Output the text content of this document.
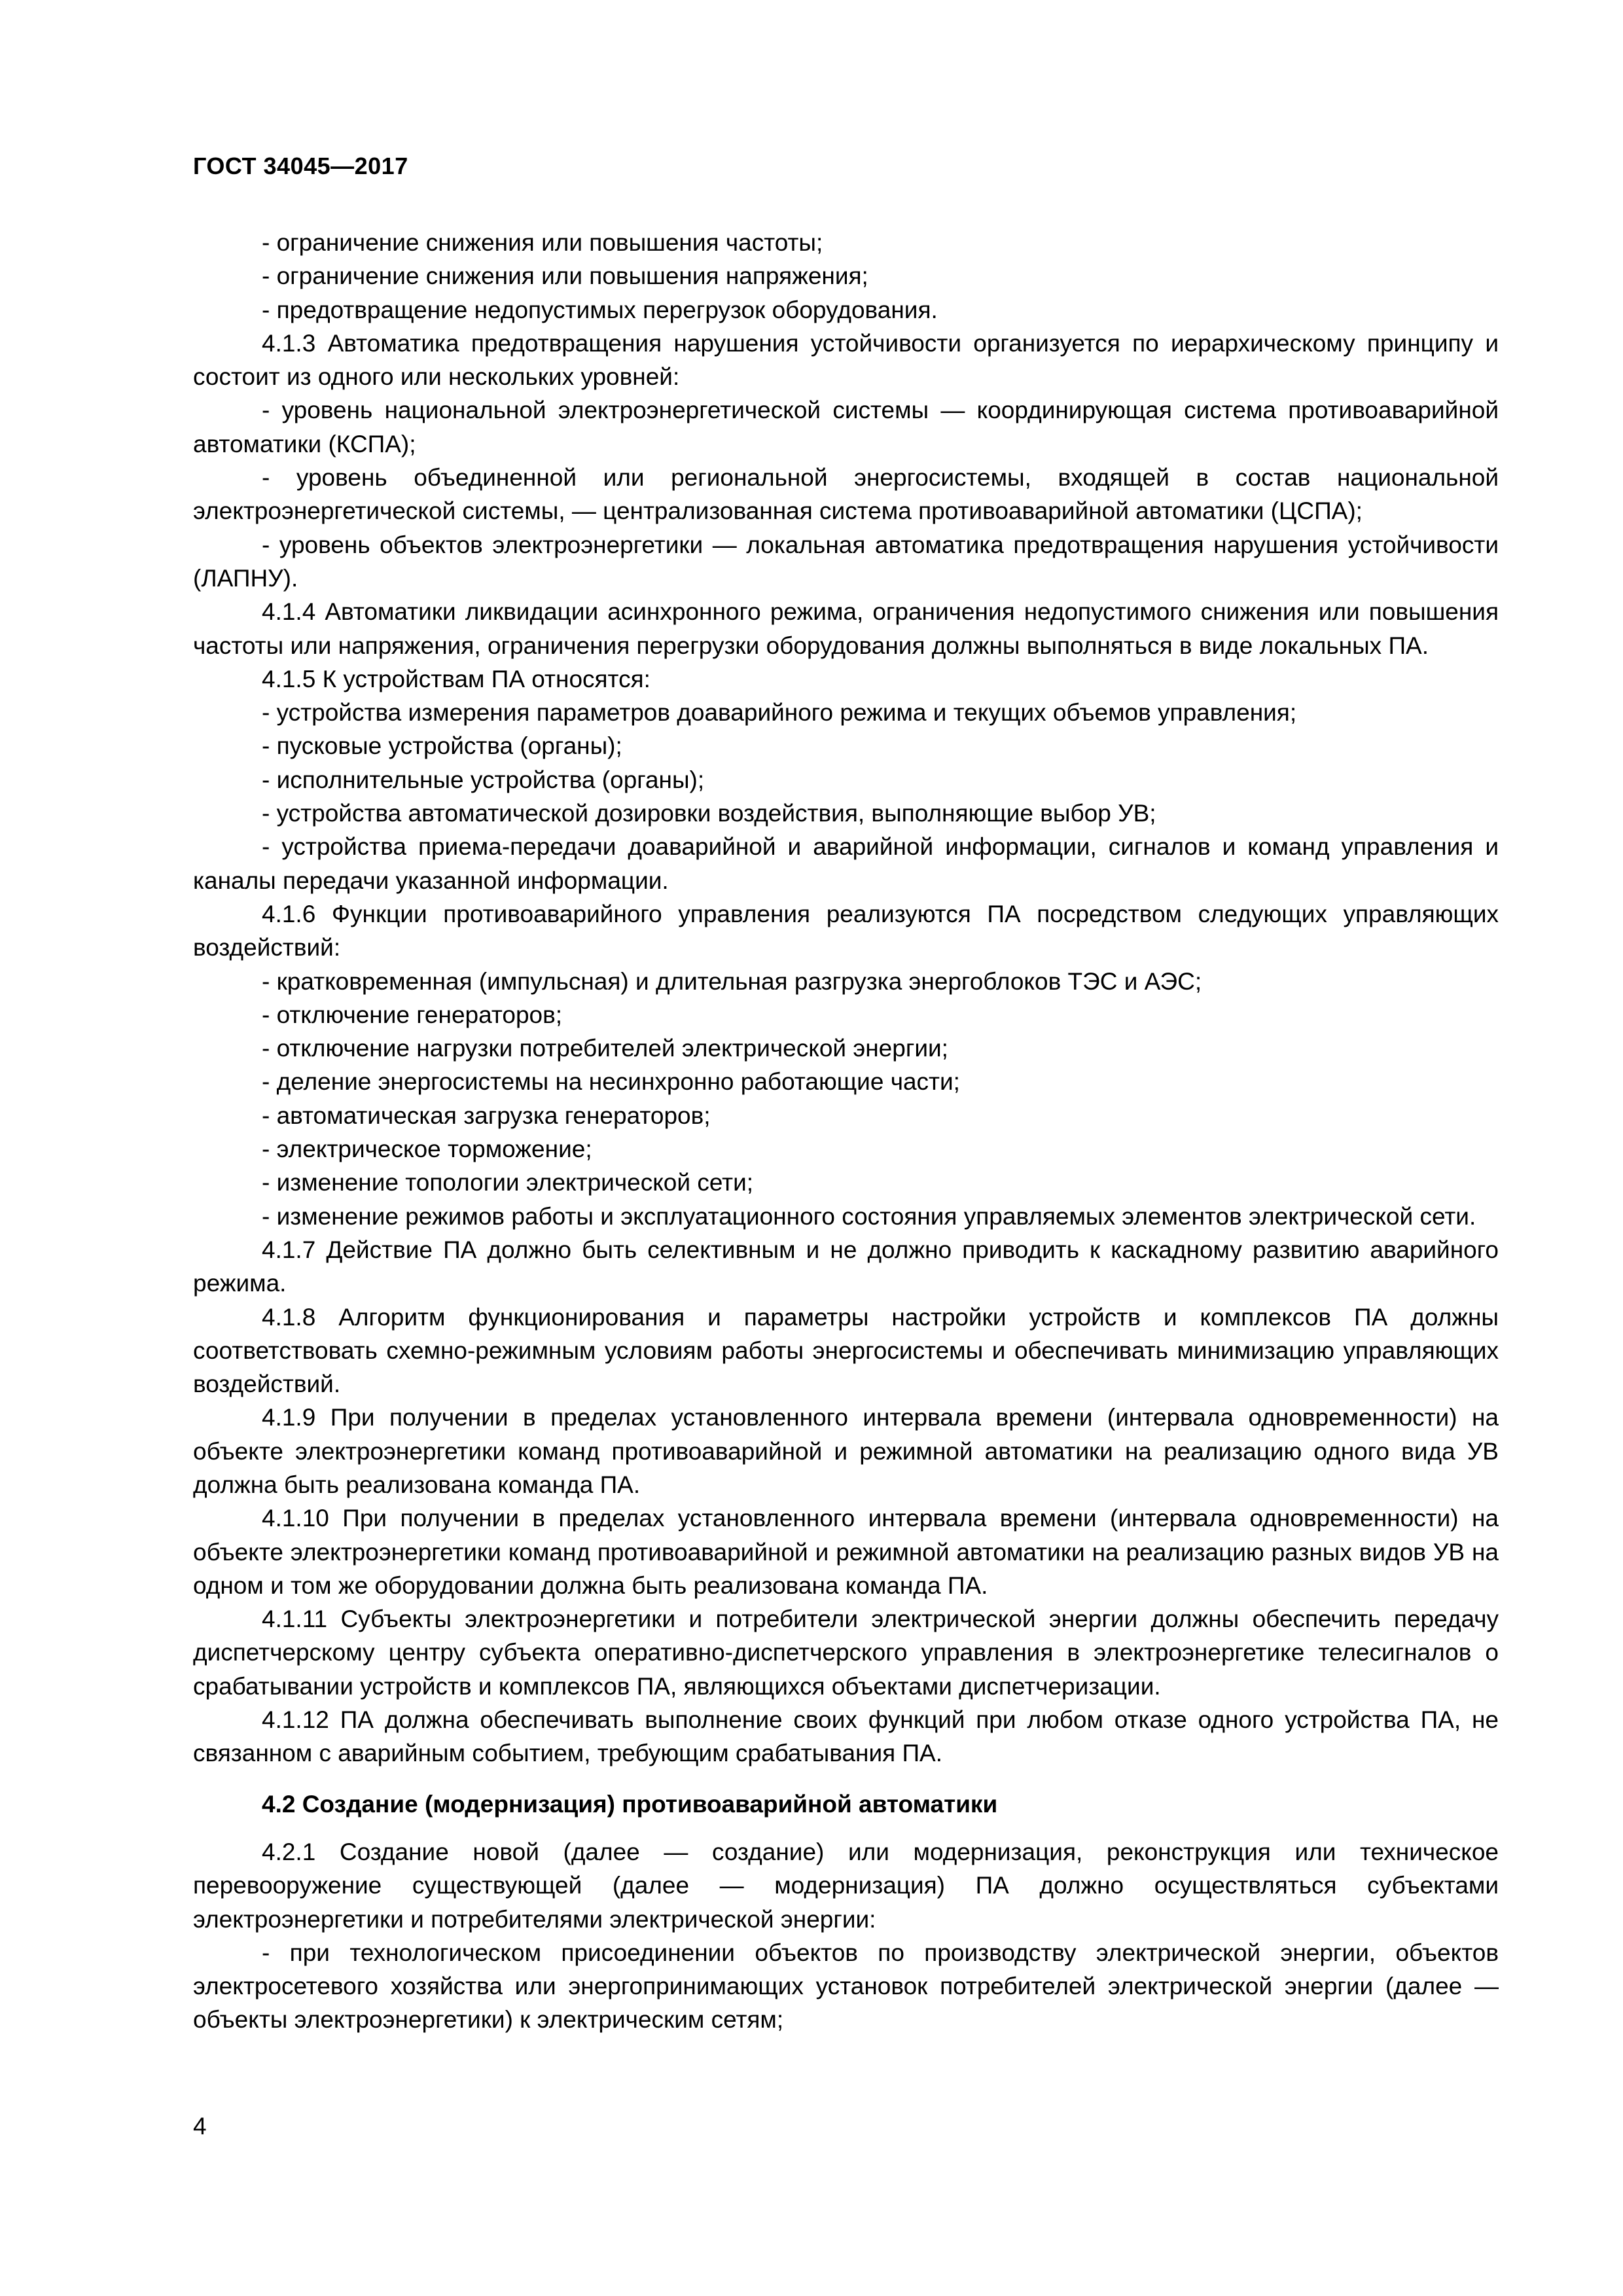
ГОСТ 34045—2017

- ограничение снижения или повышения частоты;

- ограничение снижения или повышения напряжения;

- предотвращение недопустимых перегрузок оборудования.

4.1.3 Автоматика предотвращения нарушения устойчивости организуется по иерархическому принципу и состоит из одного или нескольких уровней:

- уровень национальной электроэнергетической системы — координирующая система противоаварийной автоматики (КСПА);

- уровень объединенной или региональной энергосистемы, входящей в состав национальной электроэнергетической системы, — централизованная система противоаварийной автоматики (ЦСПА);

- уровень объектов электроэнергетики — локальная автоматика предотвращения нарушения устойчивости (ЛАПНУ).

4.1.4 Автоматики ликвидации асинхронного режима, ограничения недопустимого снижения или повышения частоты или напряжения, ограничения перегрузки оборудования должны выполняться в виде локальных ПА.

4.1.5 К устройствам ПА относятся:

- устройства измерения параметров доаварийного режима и текущих объемов управления;

- пусковые устройства (органы);

- исполнительные устройства (органы);

- устройства автоматической дозировки воздействия, выполняющие выбор УВ;

- устройства приема-передачи доаварийной и аварийной информации, сигналов и команд управления и каналы передачи указанной информации.

4.1.6 Функции противоаварийного управления реализуются ПА посредством следующих управляющих воздействий:

- кратковременная (импульсная) и длительная разгрузка энергоблоков ТЭС и АЭС;

- отключение генераторов;

- отключение нагрузки потребителей электрической энергии;

- деление энергосистемы на несинхронно работающие части;

- автоматическая загрузка генераторов;

- электрическое торможение;

- изменение топологии электрической сети;

- изменение режимов работы и эксплуатационного состояния управляемых элементов электрической сети.

4.1.7 Действие ПА должно быть селективным и не должно приводить к каскадному развитию аварийного режима.

4.1.8 Алгоритм функционирования и параметры настройки устройств и комплексов ПА должны соответствовать схемно-режимным условиям работы энергосистемы и обеспечивать минимизацию управляющих воздействий.

4.1.9 При получении в пределах установленного интервала времени (интервала одновременности) на объекте электроэнергетики команд противоаварийной и режимной автоматики на реализацию одного вида УВ должна быть реализована команда ПА.

4.1.10 При получении в пределах установленного интервала времени (интервала одновременности) на объекте электроэнергетики команд противоаварийной и режимной автоматики на реализацию разных видов УВ на одном и том же оборудовании должна быть реализована команда ПА.

4.1.11 Субъекты электроэнергетики и потребители электрической энергии должны обеспечить передачу диспетчерскому центру субъекта оперативно-диспетчерского управления в электроэнергетике телесигналов о срабатывании устройств и комплексов ПА, являющихся объектами диспетчеризации.

4.1.12 ПА должна обеспечивать выполнение своих функций при любом отказе одного устройства ПА, не связанном с аварийным событием, требующим срабатывания ПА.

4.2 Создание (модернизация) противоаварийной автоматики

4.2.1 Создание новой (далее — создание) или модернизация, реконструкция или техническое перевооружение существующей (далее — модернизация) ПА должно осуществляться субъектами электроэнергетики и потребителями электрической энергии:

- при технологическом присоединении объектов по производству электрической энергии, объектов электросетевого хозяйства или энергопринимающих установок потребителей электрической энергии (далее — объекты электроэнергетики) к электрическим сетям;

4
